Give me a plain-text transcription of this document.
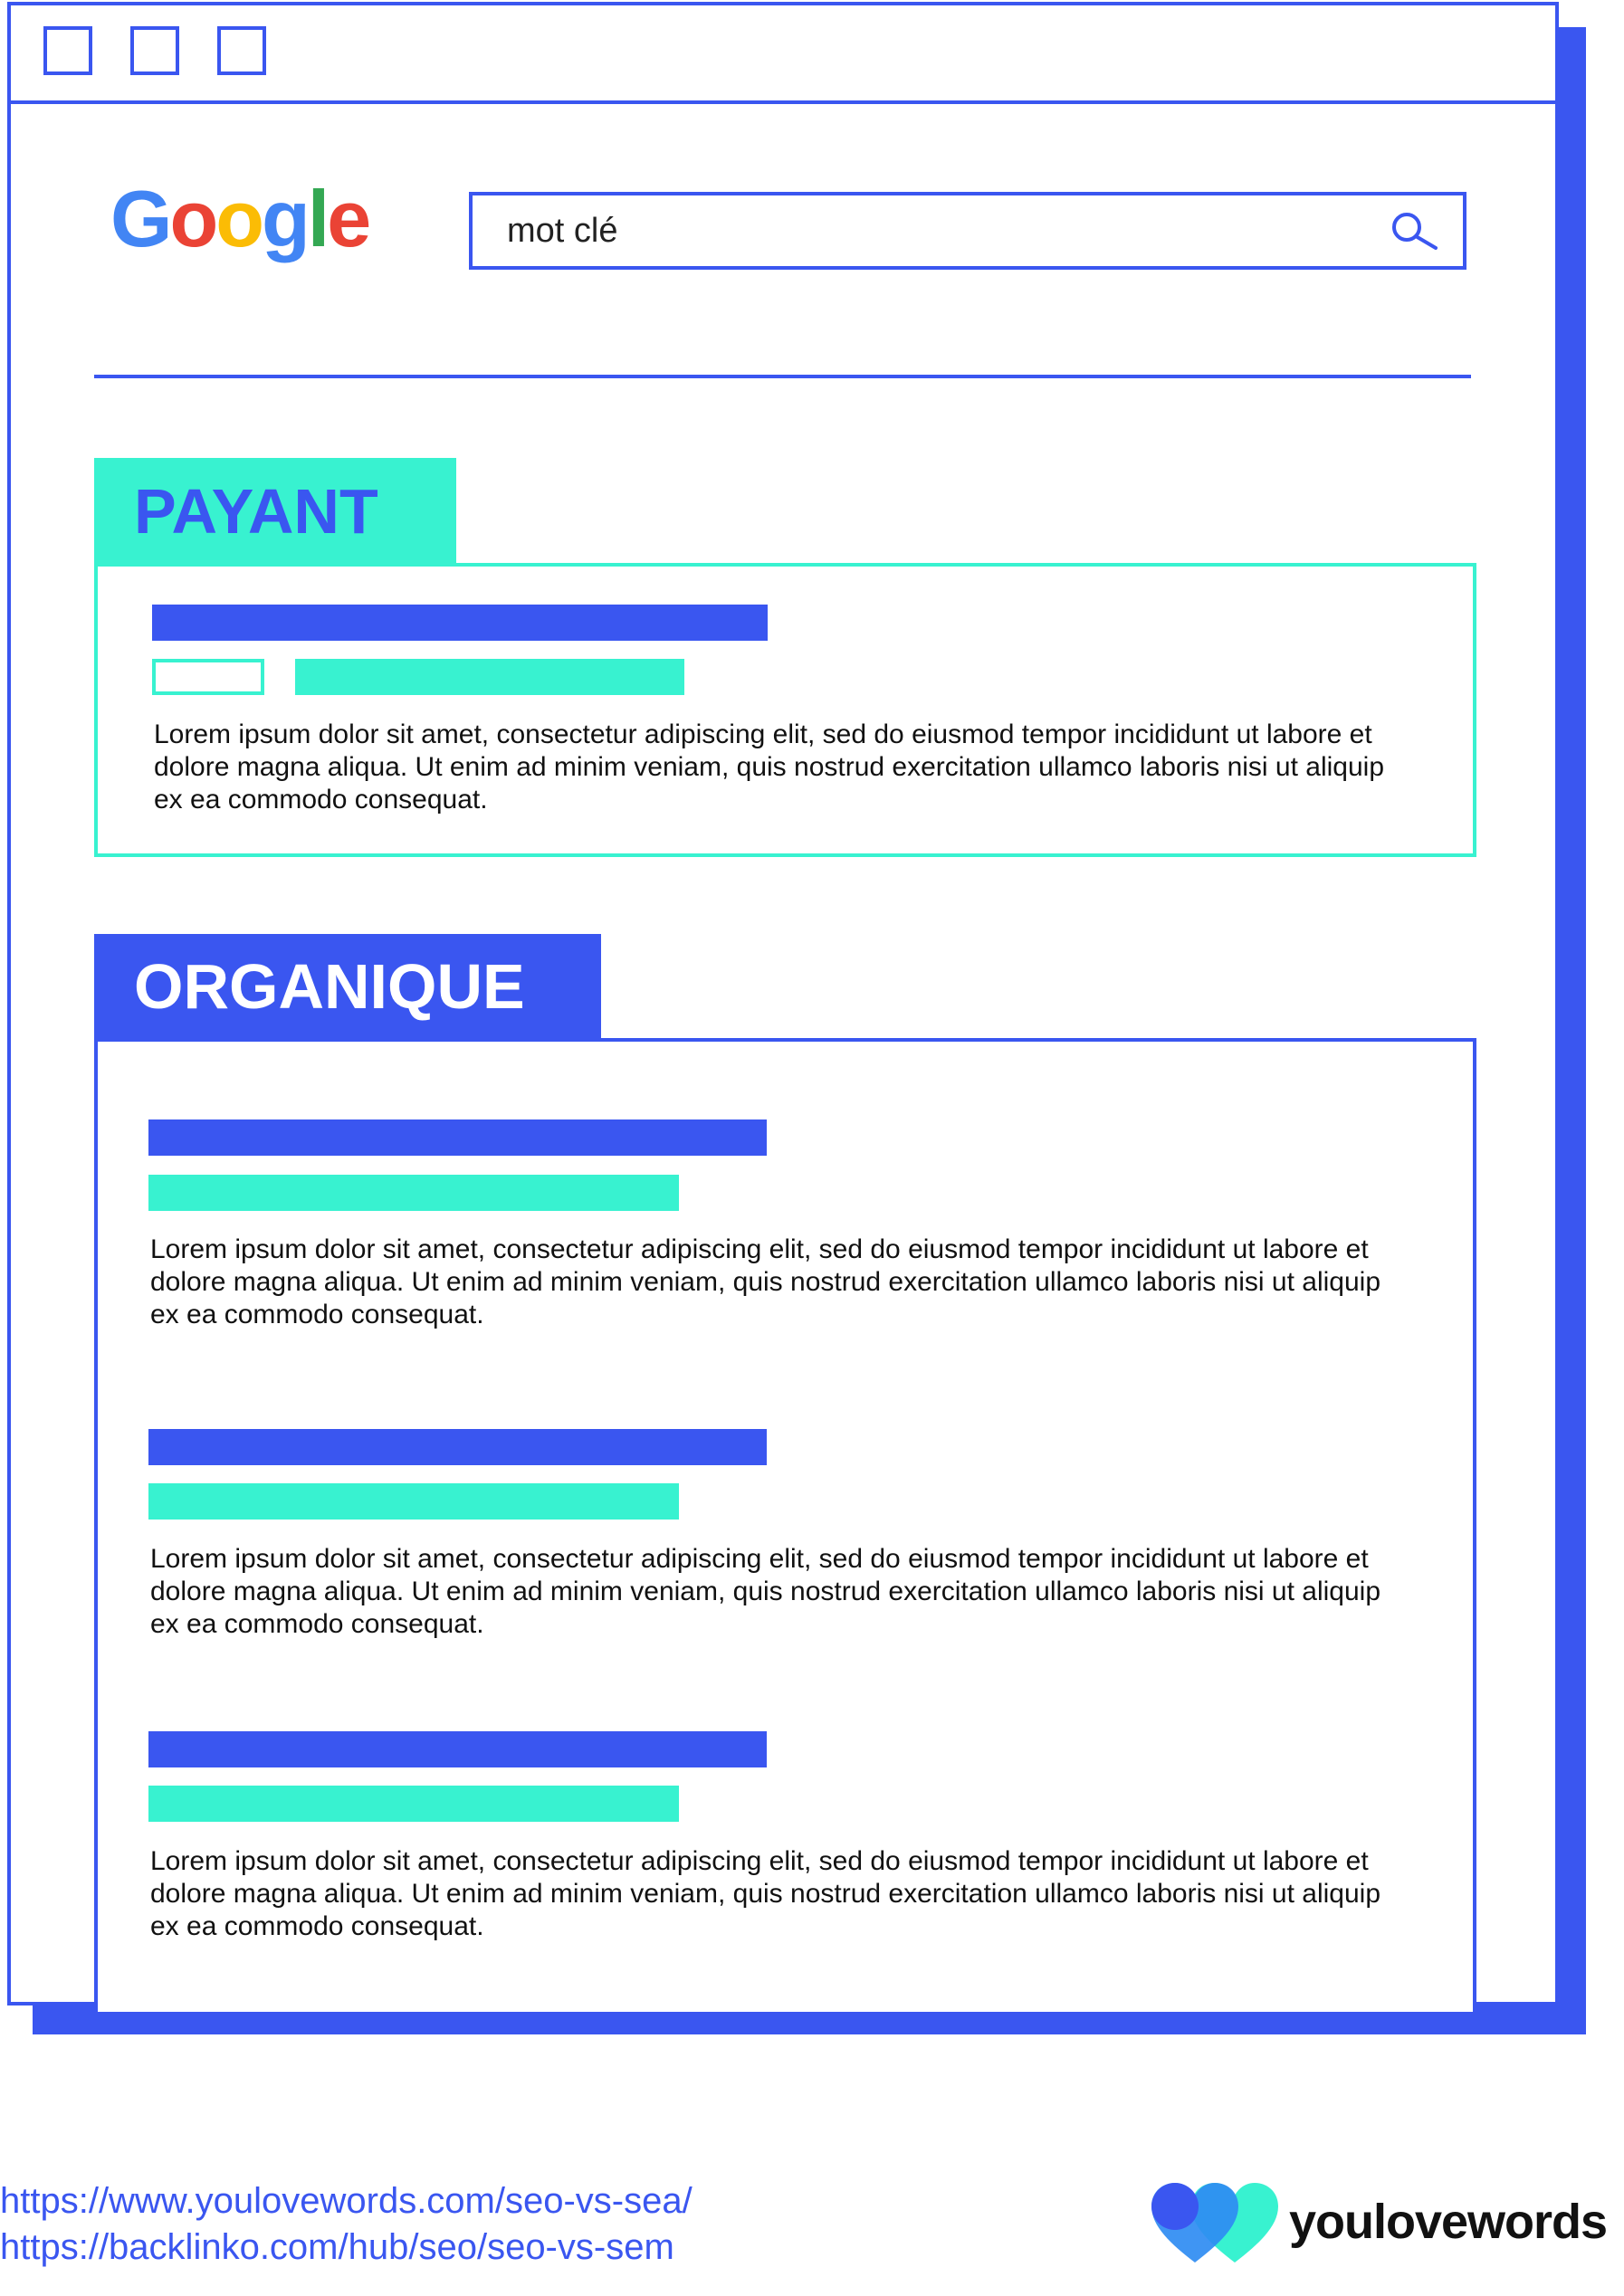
Google	mot clé

Lorem ipsum dolor sit amet, consectetur adipiscing elit, sed do eiusmod tempor incididunt ut labore et dolore magna aliqua. Ut enim ad minim veniam, quis nostrud exercitation ullamco laboris nisi ut aliquip ex ea commodo consequat.

PAYANT

Lorem ipsum dolor sit amet, consectetur adipiscing elit, sed do eiusmod tempor incididunt ut labore et dolore magna aliqua. Ut enim ad minim veniam, quis nostrud exercitation ullamco laboris nisi ut aliquip ex ea commodo consequat.

Lorem ipsum dolor sit amet, consectetur adipiscing elit, sed do eiusmod tempor incididunt ut labore et dolore magna aliqua. Ut enim ad minim veniam, quis nostrud exercitation ullamco laboris nisi ut aliquip ex ea commodo consequat.

Lorem ipsum dolor sit amet, consectetur adipiscing elit, sed do eiusmod tempor incididunt ut labore et dolore magna aliqua. Ut enim ad minim veniam, quis nostrud exercitation ullamco laboris nisi ut aliquip ex ea commodo consequat.

ORGANIQUE
https://www.youlovewords.com/seo-vs-sea/
https://backlinko.com/hub/seo/seo-vs-sem	youlovewords
